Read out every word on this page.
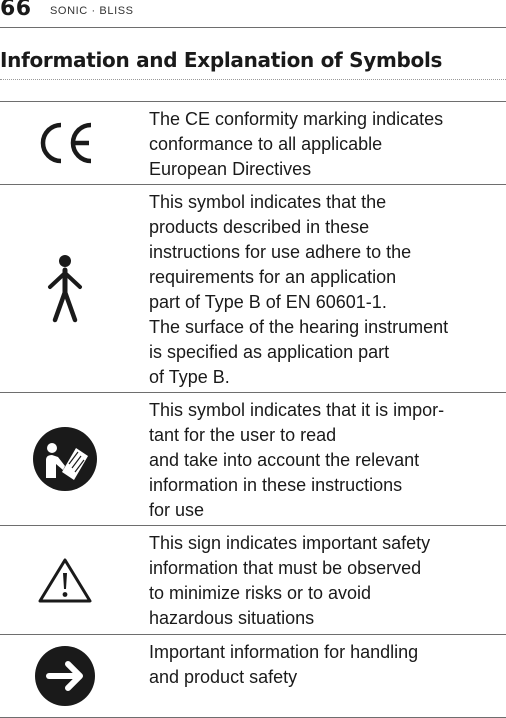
66 SONIC · BLISS
Information and Explanation of Symbols
The CE conformity marking indicates
conformance to all applicable
European Directives
This symbol indicates that the
products described in these
instructions for use adhere to the
requirements for an application
part of Type B of EN 60601-1.
The surface of the hearing instrument
is specified as application part
of Type B.
This symbol indicates that it is impor-
tant for the user to read
and take into account the relevant
information in these instructions
for use
This sign indicates important safety
information that must be observed
to minimize risks or to avoid
hazardous situations
Important information for handling
and product safety
